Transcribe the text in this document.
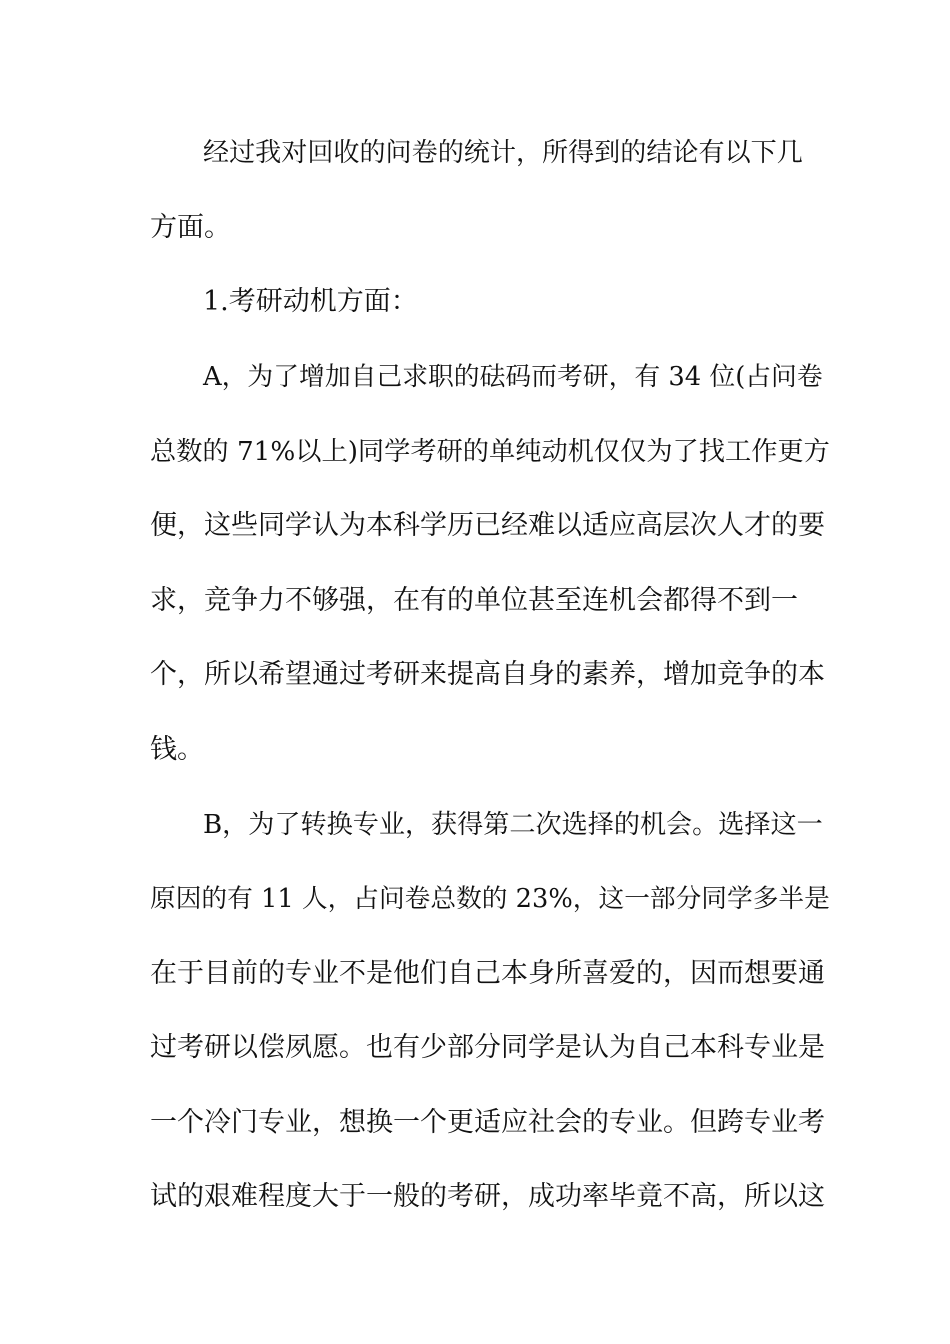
经过我对回收的问卷的统计，所得到的结论有以下几
方面。
1.考研动机方面：
A，为了增加自己求职的砝码而考研，有 34 位(占问卷
总数的 71%以上)同学考研的单纯动机仅仅为了找工作更方
便，这些同学认为本科学历已经难以适应高层次人才的要
求，竞争力不够强，在有的单位甚至连机会都得不到一
个，所以希望通过考研来提高自身的素养，增加竞争的本
钱。
B，为了转换专业，获得第二次选择的机会。选择这一
原因的有 11 人，占问卷总数的 23%，这一部分同学多半是
在于目前的专业不是他们自己本身所喜爱的，因而想要通
过考研以偿夙愿。也有少部分同学是认为自己本科专业是
一个冷门专业，想换一个更适应社会的专业。但跨专业考
试的艰难程度大于一般的考研，成功率毕竟不高，所以这
